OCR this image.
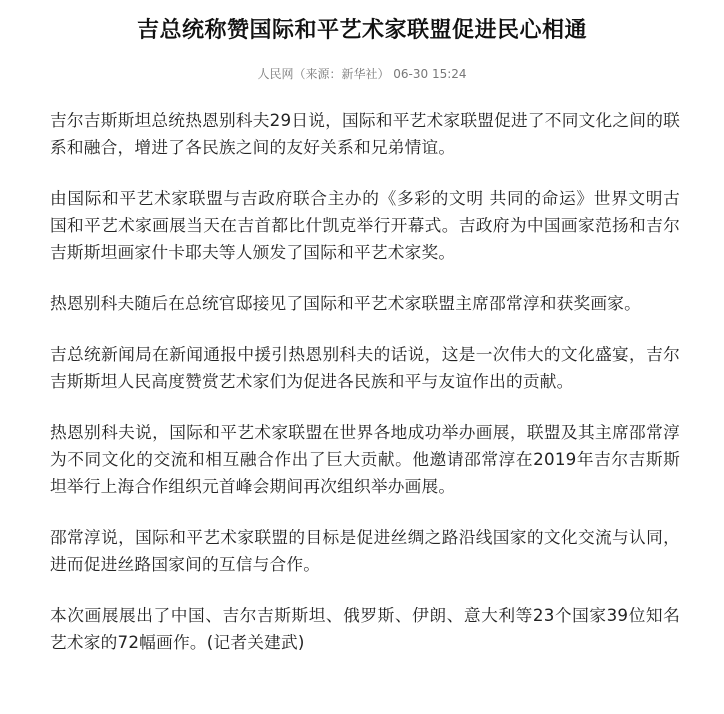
吉总统称赞国际和平艺术家联盟促进民心相通
人民网（来源：新华社） 06-30 15:24

吉尔吉斯斯坦总统热恩别科夫29日说，国际和平艺术家联盟促进了不同文化之间的联系和融合，增进了各民族之间的友好关系和兄弟情谊。

由国际和平艺术家联盟与吉政府联合主办的《多彩的文明 共同的命运》世界文明古国和平艺术家画展当天在吉首都比什凯克举行开幕式。吉政府为中国画家范扬和吉尔吉斯斯坦画家什卡耶夫等人颁发了国际和平艺术家奖。

热恩别科夫随后在总统官邸接见了国际和平艺术家联盟主席邵常淳和获奖画家。

吉总统新闻局在新闻通报中援引热恩别科夫的话说，这是一次伟大的文化盛宴，吉尔吉斯斯坦人民高度赞赏艺术家们为促进各民族和平与友谊作出的贡献。

热恩别科夫说，国际和平艺术家联盟在世界各地成功举办画展，联盟及其主席邵常淳为不同文化的交流和相互融合作出了巨大贡献。他邀请邵常淳在2019年吉尔吉斯斯坦举行上海合作组织元首峰会期间再次组织举办画展。

邵常淳说，国际和平艺术家联盟的目标是促进丝绸之路沿线国家的文化交流与认同，进而促进丝路国家间的互信与合作。

本次画展展出了中国、吉尔吉斯斯坦、俄罗斯、伊朗、意大利等23个国家39位知名艺术家的72幅画作。(记者关建武)
